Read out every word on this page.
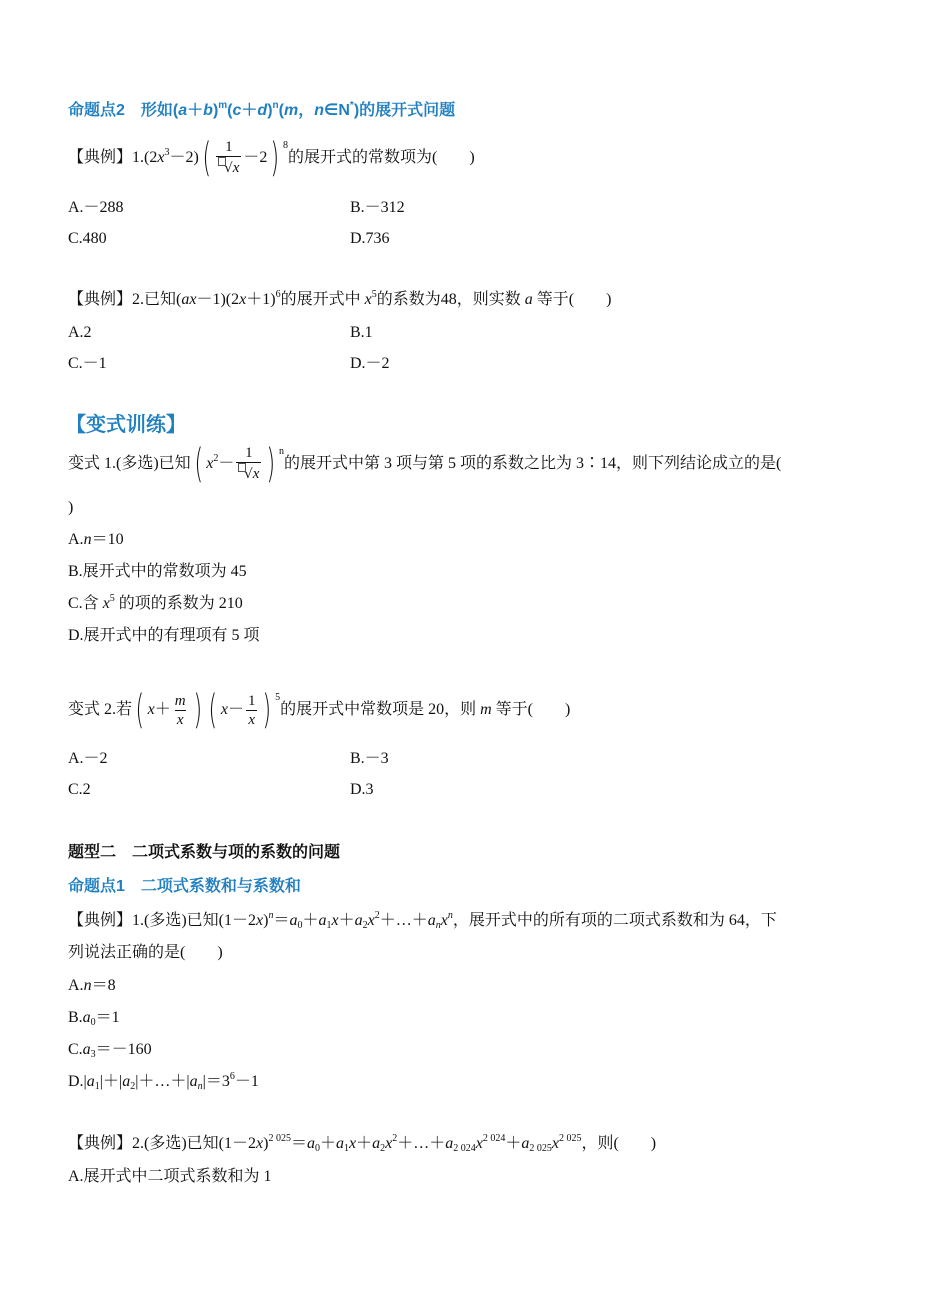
命题点2　形如$(a+b)^m(c+d)^n(m$，n∈N*)的展开式问题
【典例】$1.(2x^3-2)( \frac{1}{√x} -2)$ $^8$的展开式的常数项为(　　)
A.－288	B.－312
C.480	D.736
【典例】2.已知$(ax-1)(2x+1)^6$的展开式中 $x^5$的系数为48，则实数 a 等于(　　)
A.2	B.1
C.－1	D.－2
【变式训练】
变式 1.(多选)已知( $x^2- \frac{1}{√x}$ ) $^n$的展开式中第 3 项与第 5 项的系数之比为 3∶14，则下列结论成立的是(
)
A.n＝10
B.展开式中的常数项为 45
C.含 $x^5$ 的项的系数为 210
D.展开式中的有理项有 5 项
变式 2.若( $x+ \frac{m}{x}$ ) ( $x- \frac{1}{x}$ ) $^5$的展开式中常数项是 20，则 m 等于(　　)
A.－2	B.－3
C.2	D.3
题型二　二项式系数与项的系数的问题
命题点1　二项式系数和与系数和
【典例】1.(多选)已知$(1-2x)^n=a_0+a_1x+a_2x^2+\dots+a_nx^n$，展开式中的所有项的二项式系数和为 64，下
列说法正确的是(　　)
A.n＝8
$B.a_0=1$
$C.a_3=-160$
$D.|a_1|+|a_2|+\dots+|a_n|=3^6-1$
【典例】2.(多选)已知$(1-2x)^{2 025}=a_0+a_1x+a_2x^2+\dots+a_{2 024}x^{2 024}+a_{2 025}x^{2 025}$，则(　　)
A.展开式中二项式系数和为 1
